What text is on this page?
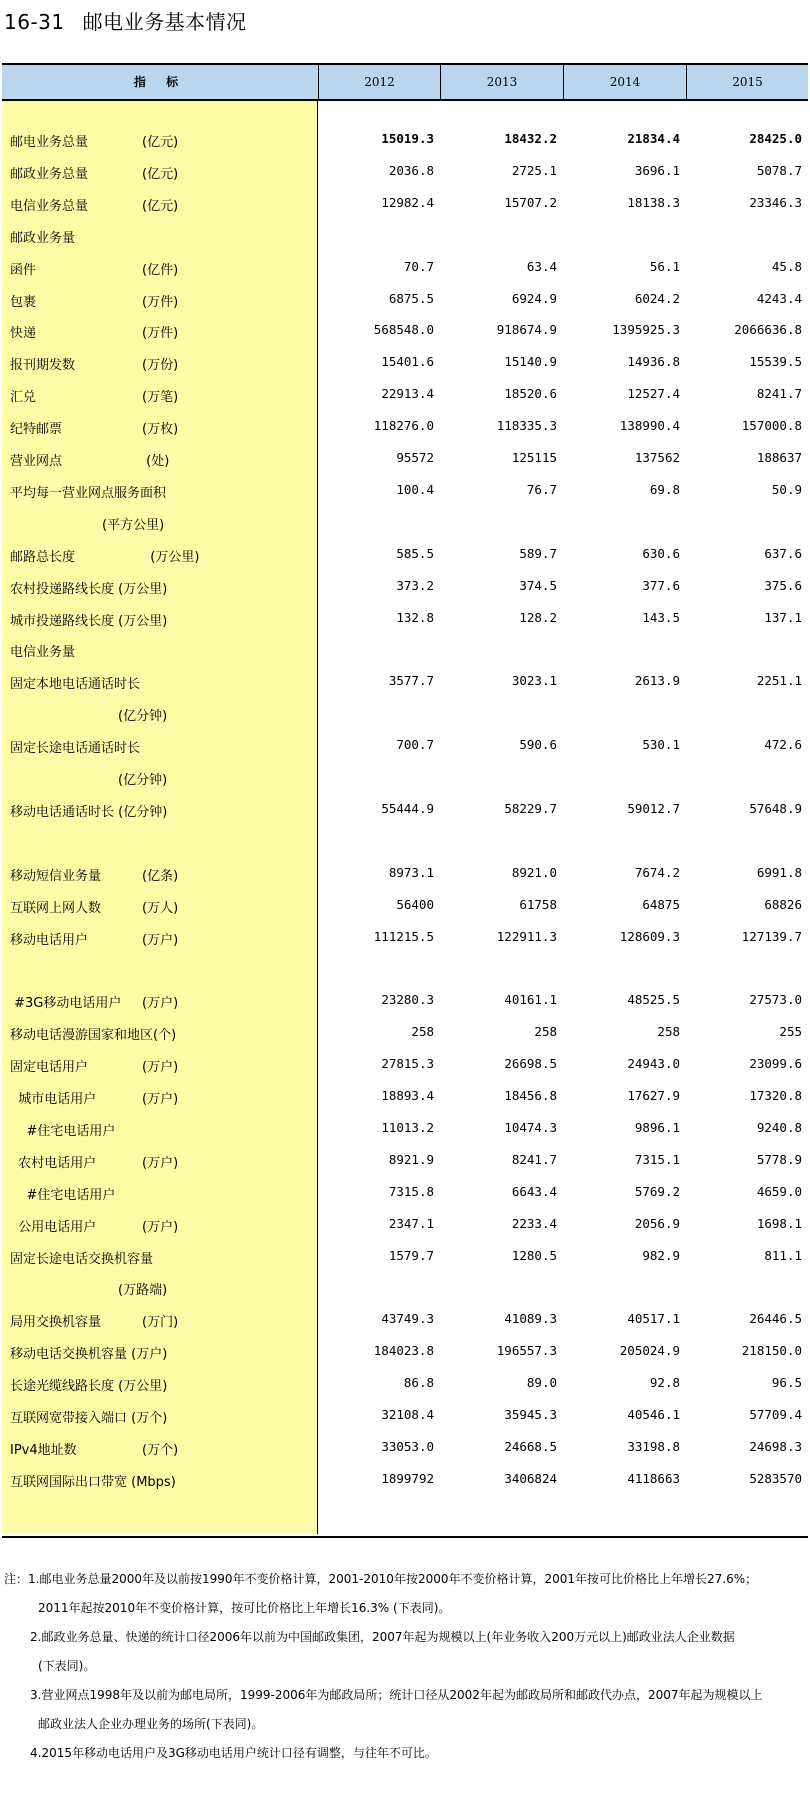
16-31 邮电业务基本情况
指 标	2012	2013	2014	2015
邮电业务总量	(亿元)	15019.3	18432.2	21834.4	28425.0
邮政业务总量	(亿元)	2036.8	2725.1	3696.1	5078.7
电信业务总量	(亿元)	12982.4	15707.2	18138.3	23346.3
邮政业务量
函件	(亿件)	70.7	63.4	56.1	45.8
包裹	(万件)	6875.5	6924.9	6024.2	4243.4
快递	(万件)	568548.0	918674.9	1395925.3	2066636.8
报刊期发数	(万份)	15401.6	15140.9	14936.8	15539.5
汇兑	(万笔)	22913.4	18520.6	12527.4	8241.7
纪特邮票	(万枚)	118276.0	118335.3	138990.4	157000.8
营业网点	(处)	95572	125115	137562	188637
平均每一营业网点服务面积	100.4	76.7	69.8	50.9
(平方公里)
邮路总长度	(万公里)	585.5	589.7	630.6	637.6
农村投递路线长度 (万公里)	373.2	374.5	377.6	375.6
城市投递路线长度 (万公里)	132.8	128.2	143.5	137.1
电信业务量
固定本地电话通话时长	3577.7	3023.1	2613.9	2251.1
(亿分钟)
固定长途电话通话时长	700.7	590.6	530.1	472.6
(亿分钟)
移动电话通话时长 (亿分钟)	55444.9	58229.7	59012.7	57648.9
移动短信业务量	(亿条)	8973.1	8921.0	7674.2	6991.8
互联网上网人数	(万人)	56400	61758	64875	68826
移动电话用户	(万户)	111215.5	122911.3	128609.3	127139.7
#3G移动电话用户 (万户)	23280.3	40161.1	48525.5	27573.0
移动电话漫游国家和地区(个)	258	258	258	255
固定电话用户	(万户)	27815.3	26698.5	24943.0	23099.6
城市电话用户	(万户)	18893.4	18456.8	17627.9	17320.8
#住宅电话用户	11013.2	10474.3	9896.1	9240.8
农村电话用户	(万户)	8921.9	8241.7	7315.1	5778.9
#住宅电话用户	7315.8	6643.4	5769.2	4659.0
公用电话用户	(万户)	2347.1	2233.4	2056.9	1698.1
固定长途电话交换机容量	1579.7	1280.5	982.9	811.1
(万路端)
局用交换机容量	(万门)	43749.3	41089.3	40517.1	26446.5
移动电话交换机容量 (万户)	184023.8	196557.3	205024.9	218150.0
长途光缆线路长度 (万公里)	86.8	89.0	92.8	96.5
互联网宽带接入端口 (万个)	32108.4	35945.3	40546.1	57709.4
IPv4地址数	(万个)	33053.0	24668.5	33198.8	24698.3
互联网国际出口带宽 (Mbps)	1899792	3406824	4118663	5283570
注：1.邮电业务总量2000年及以前按1990年不变价格计算，2001-2010年按2000年不变价格计算，2001年按可比价格比上年增长27.6%；
2011年起按2010年不变价格计算，按可比价格比上年增长16.3% (下表同)。
2.邮政业务总量、快递的统计口径2006年以前为中国邮政集团，2007年起为规模以上(年业务收入200万元以上)邮政业法人企业数据
(下表同)。
3.营业网点1998年及以前为邮电局所，1999-2006年为邮政局所；统计口径从2002年起为邮政局所和邮政代办点，2007年起为规模以上
邮政业法人企业办理业务的场所(下表同)。
4.2015年移动电话用户及3G移动电话用户统计口径有调整，与往年不可比。
